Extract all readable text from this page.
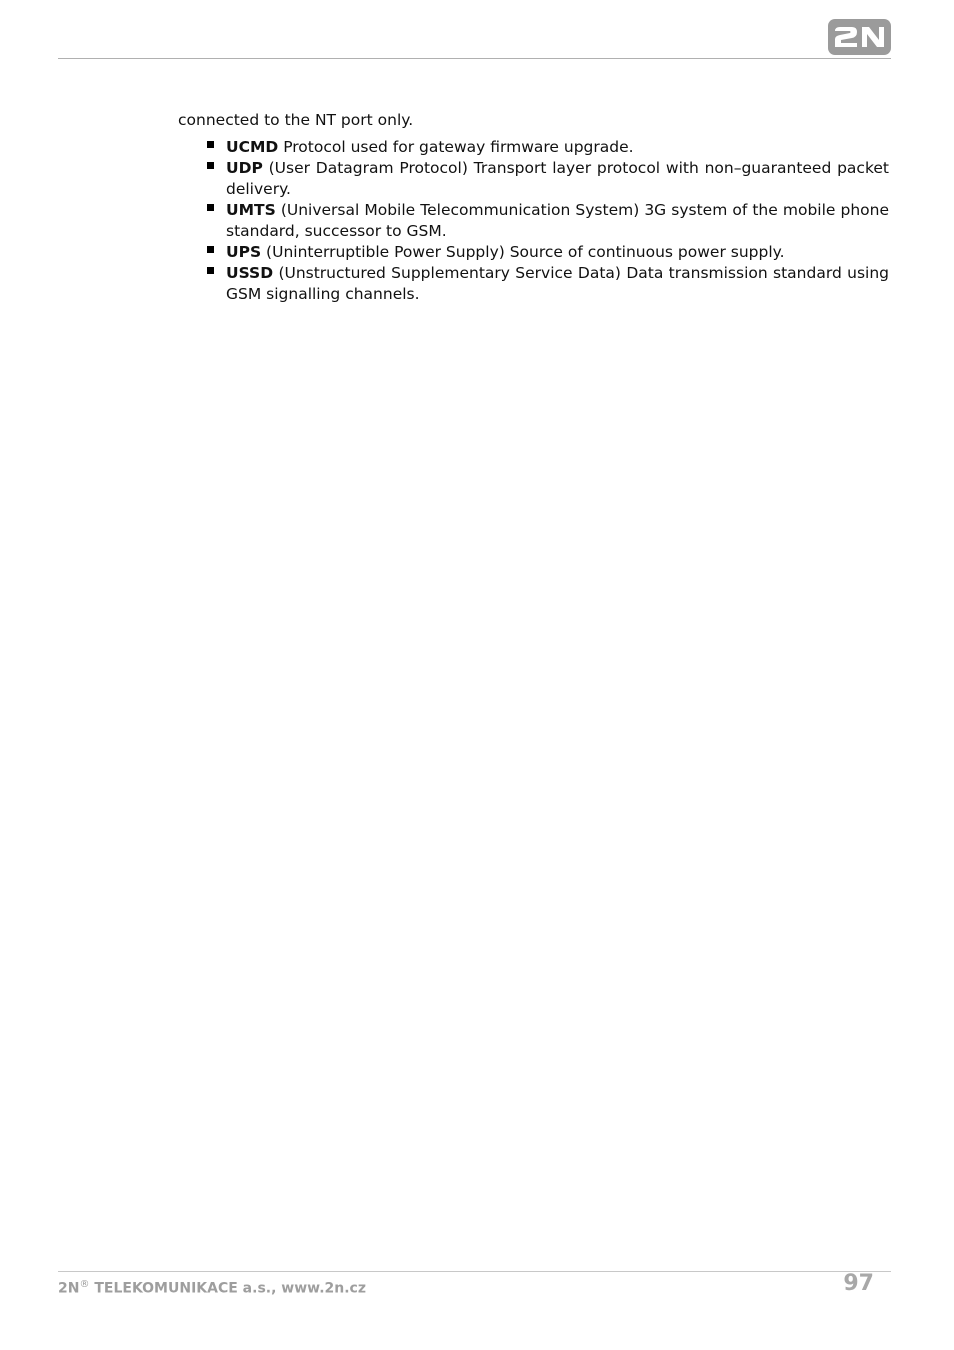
connected to the NT port only.

UCMD Protocol used for gateway firmware upgrade.
UDP (User Datagram Protocol) Transport layer protocol with non–guaranteed packet delivery.
UMTS (Universal Mobile Telecommunication System) 3G system of the mobile phone standard, successor to GSM.
UPS (Uninterruptible Power Supply) Source of continuous power supply.
USSD (Unstructured Supplementary Service Data) Data transmission standard using GSM signalling channels.
2N® TELEKOMUNIKACE a.s., www.2n.cz	97
